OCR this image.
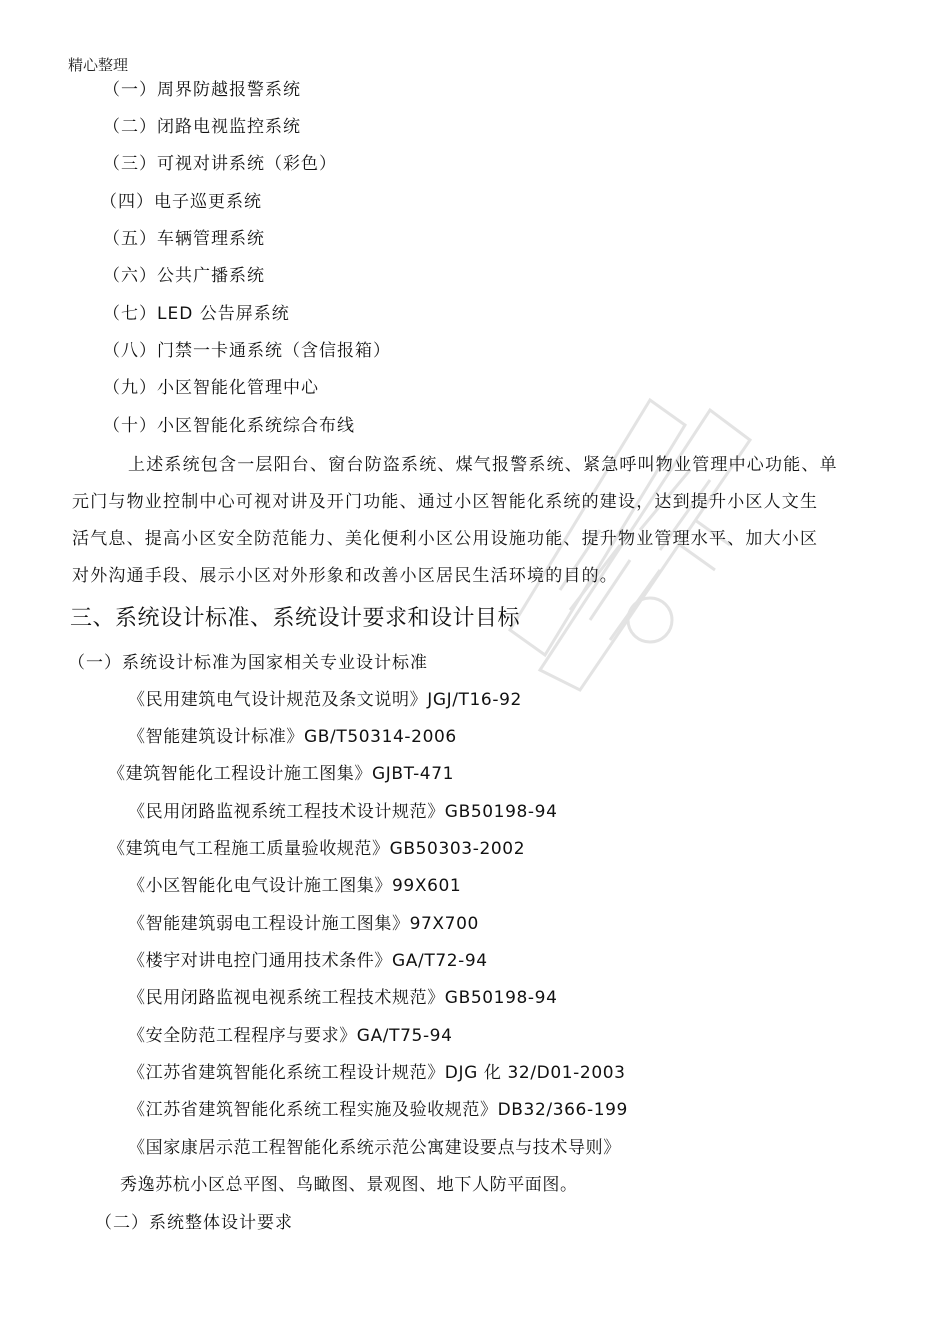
精心整理
（一）周界防越报警系统
（二）闭路电视监控系统
（三）可视对讲系统（彩色）
（四）电子巡更系统
（五）车辆管理系统
（六）公共广播系统
（七）LED 公告屏系统
（八）门禁一卡通系统（含信报箱）
（九）小区智能化管理中心
（十）小区智能化系统综合布线
上述系统包含一层阳台、窗台防盗系统、煤气报警系统、紧急呼叫物业管理中心功能、单
元门与物业控制中心可视对讲及开门功能、通过小区智能化系统的建设，达到提升小区人文生
活气息、提高小区安全防范能力、美化便利小区公用设施功能、提升物业管理水平、加大小区
对外沟通手段、展示小区对外形象和改善小区居民生活环境的目的。
三、系统设计标准、系统设计要求和设计目标
（一）系统设计标准为国家相关专业设计标准
《民用建筑电气设计规范及条文说明》JGJ/T16-92
《智能建筑设计标准》GB/T50314-2006
《建筑智能化工程设计施工图集》GJBT-471
《民用闭路监视系统工程技术设计规范》GB50198-94
《建筑电气工程施工质量验收规范》GB50303-2002
《小区智能化电气设计施工图集》99X601
《智能建筑弱电工程设计施工图集》97X700
《楼宇对讲电控门通用技术条件》GA/T72-94
《民用闭路监视电视系统工程技术规范》GB50198-94
《安全防范工程程序与要求》GA/T75-94
《江苏省建筑智能化系统工程设计规范》DJG 化 32/D01-2003
《江苏省建筑智能化系统工程实施及验收规范》DB32/366-199
《国家康居示范工程智能化系统示范公寓建设要点与技术导则》
秀逸苏杭小区总平图、鸟瞰图、景观图、地下人防平面图。
（二）系统整体设计要求
